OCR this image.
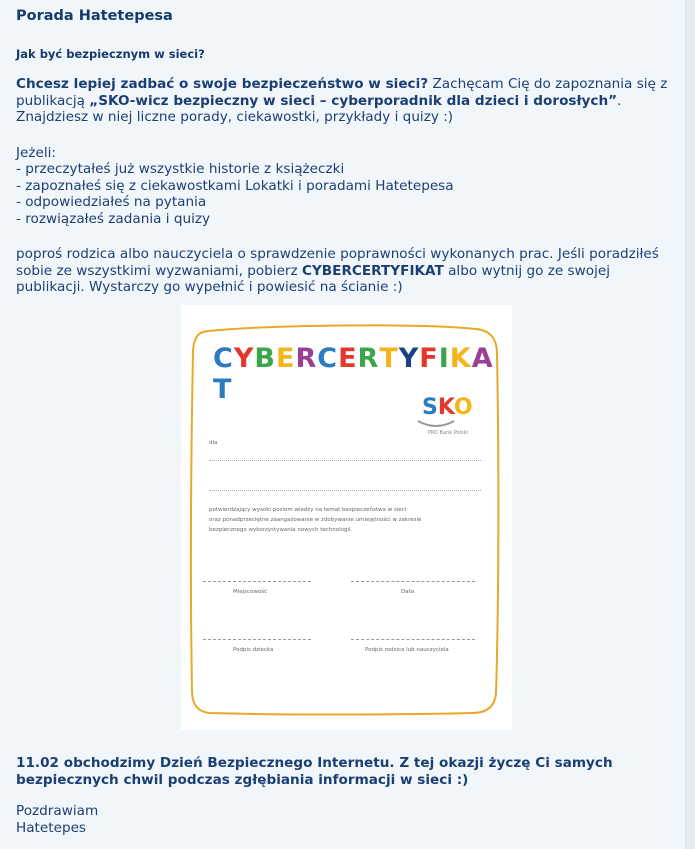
Porada Hatetepesa
Jak być bezpiecznym w sieci?

Chcesz lepiej zadbać o swoje bezpieczeństwo w sieci? Zachęcam Cię do zapoznania się z publikacją „SKO-wicz bezpieczny w sieci – cyberporadnik dla dzieci i dorosłych”. Znajdziesz w niej liczne porady, ciekawostki, przykłady i quizy :)

Jeżeli:
- przeczytałeś już wszystkie historie z książeczki
- zapoznałeś się z ciekawostkami Lokatki i poradami Hatetepesa
- odpowiedziałeś na pytania
- rozwiązałeś zadania i quizy

poproś rodzica albo nauczyciela o sprawdzenie poprawności wykonanych prac. Jeśli poradziłeś sobie ze wszystkimi wyzwaniami, pobierz CYBERCERTYFIKAT albo wytnij go ze swojej publikacji. Wystarczy go wypełnić i powiesić na ścianie :)

CYBERCERTYFIKAT
SKO
PKO Bank Polski
dla
potwierdzający wysoki poziom wiedzy na temat bezpieczeństwa w sieci
oraz ponadprzeciętne zaangażowanie w zdobywanie umiejętności w zakresie
bezpiecznego wykorzystywania nowych technologii.
Miejscowość	Data
Podpis dziecka	Podpis rodzica lub nauczyciela
11.02 obchodzimy Dzień Bezpiecznego Internetu. Z tej okazji życzę Ci samych bezpiecznych chwil podczas zgłębiania informacji w sieci :)
Pozdrawiam
Hatetepes
